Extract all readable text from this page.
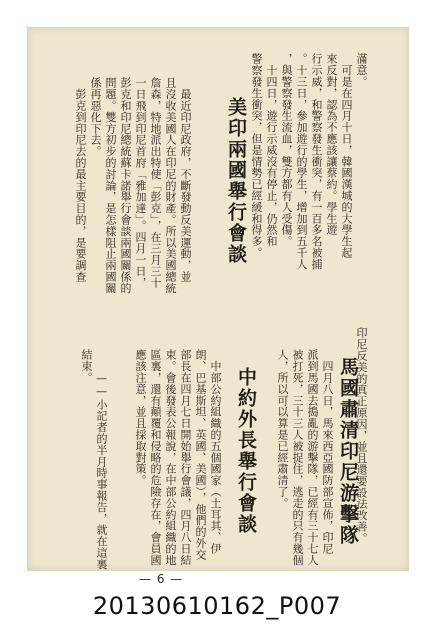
滿意。
　可是在四月十日，韓國漢城的大學生起
來反對，認為不應該讓蔡約。學生遊
行示威，和警察發生衝突，有一百多名被捕
。十三日，參加遊行的學生，增加到五千人
，與警察發生流血，雙方都有人受傷。
　十四日，遊行示威沒有停止，仍然和
警察發生衝突，但是情勢已經緩和得多。
美印兩國舉行會談
　最近印尼政府，不斷發動反美運動，並
且沒收美國人在印尼的財產。所以美國總統
詹森，特地派出特使「彭克」，在三月三十
一日飛到印尼首府「雅加達」。四月一日，
彭克和印尼總統蘇卡諾舉行會談兩國關係的
問題。雙方初步的討論，是怎樣阻止兩國關
係再惡化下去。
　彭克到印尼去的最主要目的，是要調查
印尼反美的真正原因，並且還要設法改善。
馬國肅清印尼游擊隊
　四月八日，馬來西亞國防部宣佈，印尼
派到馬國去搗亂的游擊隊，已經有三十七人
被打死，三十三人被捉住，逃走的只有幾個
人，所以可以算是已經肅清了。
中約外長舉行會談
　中部公約組織的五個國家（土耳其、伊
朗、巴基斯坦、英國、美國），他們的外交
部長在四月七日開始舉行會議，四月八日結
束。會後發表公報說，在中部公約組織的地
區裏，還有顛覆和侵略的危險存在，會員國
應該注意，並且採取對策。
　　——小記者的半月時事報告，就在這裏
結束。
— 6 —
20130610162_P007
